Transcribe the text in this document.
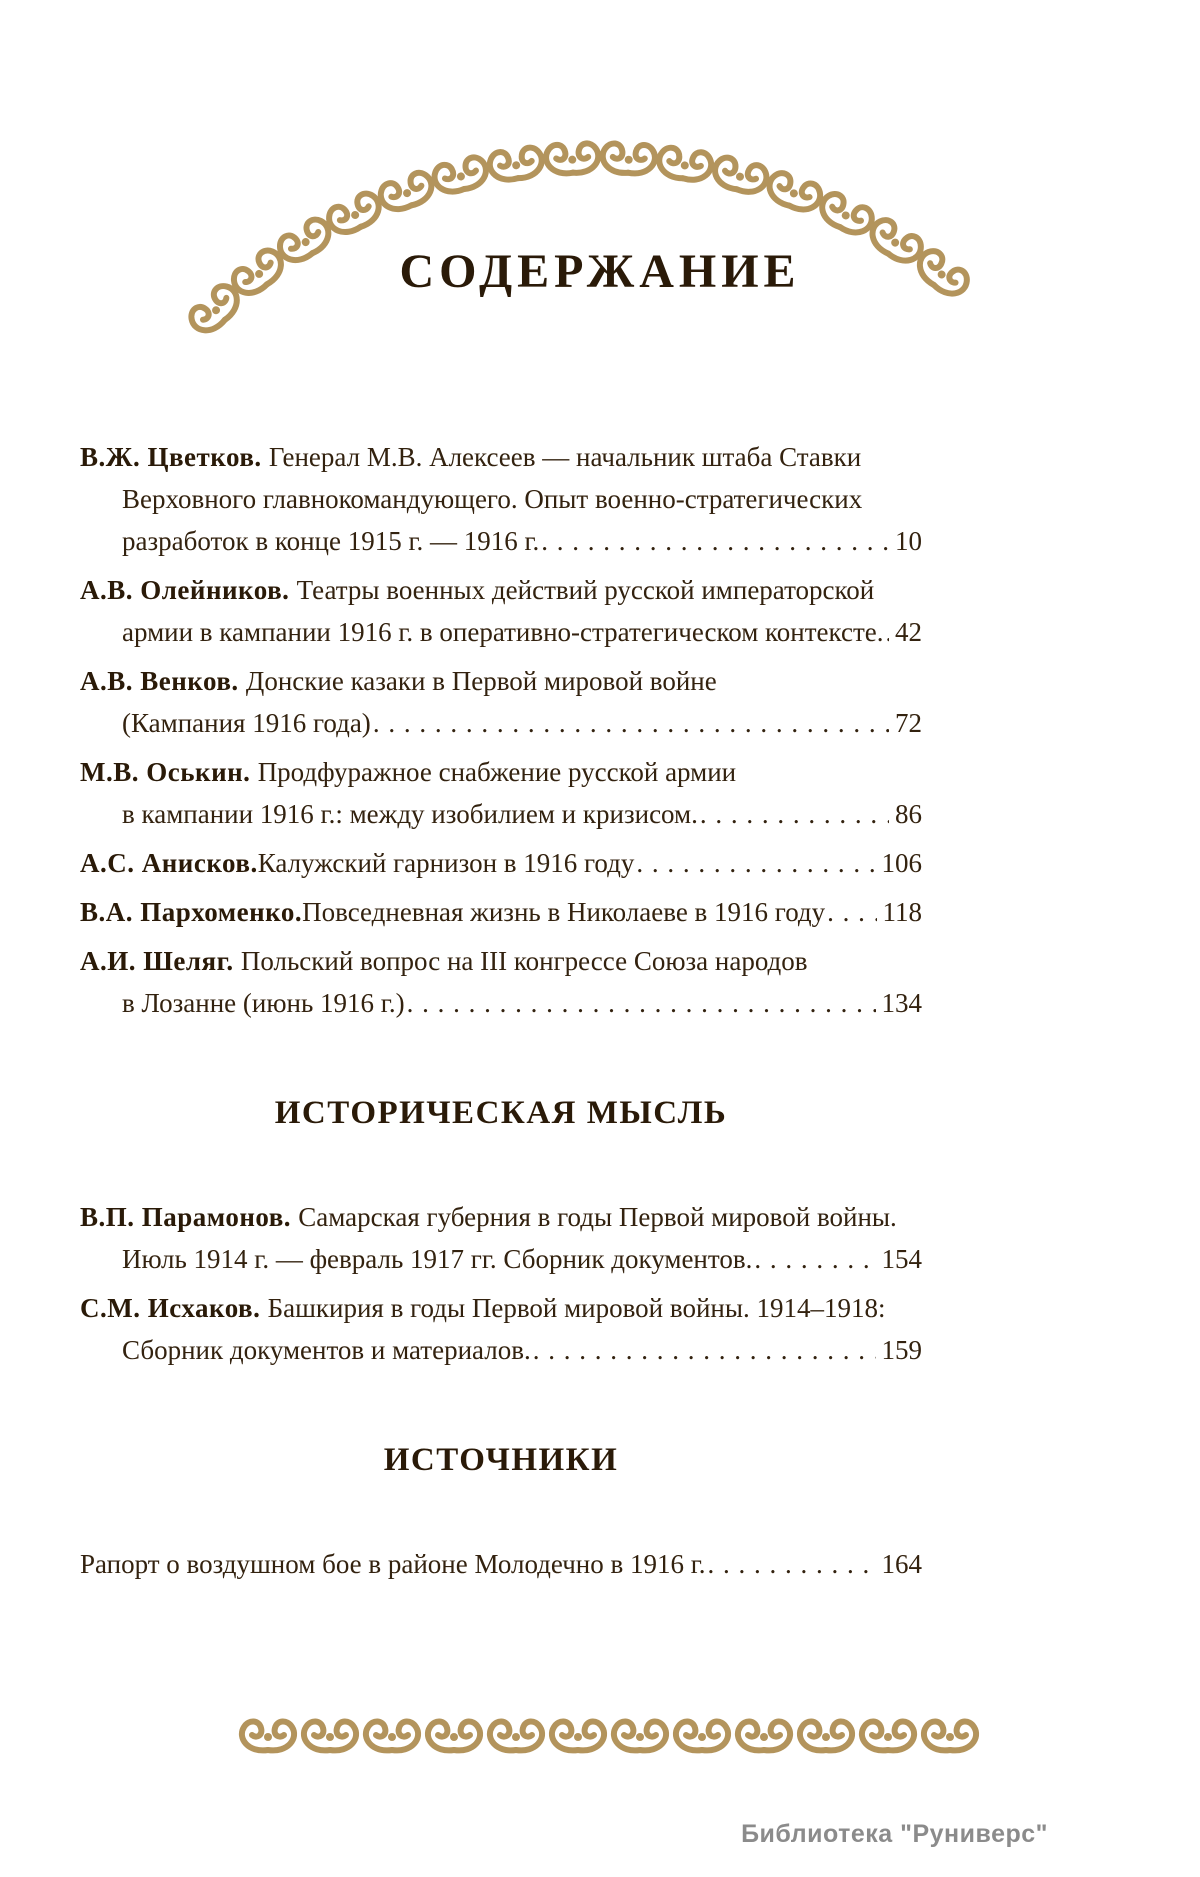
СОДЕРЖАНИЕ
В.Ж. Цветков. Генерал М.В. Алексеев — начальник штаба Ставки
Верховного главнокомандующего. Опыт военно-стратегических
разработок в конце 1915 г. — 1916 г. . . .	10
А.В. Олейников. Театры военных действий русской императорской
армии в кампании 1916 г. в оперативно-стратегическом контексте. . . . 42
А.В. Венков. Донские казаки в Первой мировой войне
(Кампания 1916 года) . . .	72
М.В. Оськин. Продфуражное снабжение русской армии
в кампании 1916 г.: между изобилием и кризисом. . . .	86
А.С. Анисков. Калужский гарнизон в 1916 году . . .	106
В.А. Пархоменко. Повседневная жизнь в Николаеве в 1916 году . . . 118
А.И. Шеляг. Польский вопрос на III конгрессе Союза народов
в Лозанне (июнь 1916 г.) . . .	134
ИСТОРИЧЕСКАЯ МЫСЛЬ
В.П. Парамонов. Самарская губерния в годы Первой мировой войны.
Июль 1914 г. — февраль 1917 гг. Сборник документов. . . .	154
С.М. Исхаков. Башкирия в годы Первой мировой войны. 1914–1918:
Сборник документов и материалов. . . .	159
ИСТОЧНИКИ
Рапорт о воздушном бое в районе Молодечно в 1916 г. . . .	164
Библиотека "Руниверс"
